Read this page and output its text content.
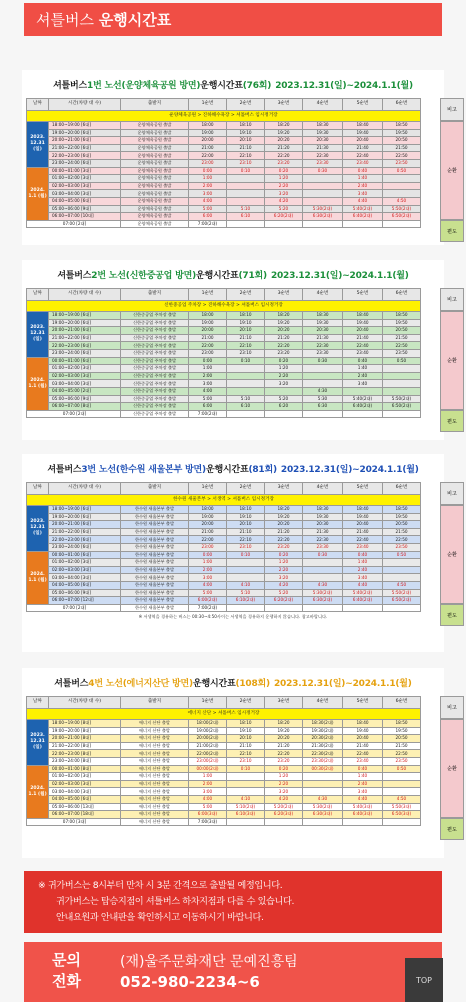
셔틀버스 운행시간표
셔틀버스 1번 노선(운양체육공원 방면) 운행시간표 (76회) 2023.12.31(일)~2024.1.1(월)
날짜	시간(차량 대 수)	출발지	1순번	2순번	3순번	4순번	5순번	6순번
운양체육공원 > 진하해수욕장 > 셔틀버스 임시정거장								
2023. 12.31 (일)	18:00~19:00 [6대]	운양체육공원 출발	18:00	18:10	18:20	18:30	18:40	18:50
	19:00~20:00 [6대]	운양체육공원 출발	19:00	19:10	19:20	19:30	19:40	19:50
	20:00~21:00 [6대]	운양체육공원 출발	20:00	20:10	20:20	20:30	20:40	20:50
	21:00~22:00 [6대]	운양체육공원 출발	21:00	21:10	21:20	21:30	21:40	21:50
	22:00~23:00 [6대]	운양체육공원 출발	22:00	22:10	22:20	22:30	22:40	22:50
	23:00~24:00 [6대]	운양체육공원 출발	23:00	23:10	23:20	23:30	23:40	23:50
2024. 1.1 (월)	00:00~01:00 [3대]	운양체육공원 출발	0:00	0:10	0:20	0:30	0:40	0:50
	01:00~02:00 [3대]	운양체육공원 출발	1:00		1:20		1:40	
	02:00~03:00 [3대]	운양체육공원 출발	2:00		2:20		2:40	
	03:00~04:00 [3대]	운양체육공원 출발	3:00		3:20		3:40	
	04:00~05:00 [6대]	운양체육공원 출발	4:00		4:20		4:40	4:50
	05:00~06:00 [9대]	운양체육공원 출발	5:00	5:10	5:20	5:30(2대)	5:40(2대)	5:50(2대)
	06:00~07:00 [10대]	운양체육공원 출발	6:00	6:10	6:20(2대)	6:30(2대)	6:40(2대)	6:50(2대)
07:00 [2대]		운양체육공원 출발	7:00(2대)					
비고
순환
편도
셔틀버스 2번 노선(신한중공업 방면) 운행시간표 (71회) 2023.12.31(일)~2024.1.1(월)
날짜	시간(차량 대 수)	출발지	1순번	2순번	3순번	4순번	5순번	6순번
신한중공업 주차장 > 진하해수욕장 > 셔틀버스 임시정거장								
2023. 12.31 (일)	18:00~19:00 [6대]	신한중공업 주차장 출발	18:00	18:10	18:20	18:30	18:40	18:50
	19:00~20:00 [6대]	신한중공업 주차장 출발	19:00	19:10	19:20	19:30	19:40	19:50
	20:00~21:00 [6대]	신한중공업 주차장 출발	20:00	20:10	20:20	20:30	20:40	20:50
	21:00~22:00 [6대]	신한중공업 주차장 출발	21:00	21:10	21:20	21:30	21:40	21:50
	22:00~23:00 [6대]	신한중공업 주차장 출발	22:00	22:10	22:20	22:30	22:40	22:50
	23:00~24:00 [6대]	신한중공업 주차장 출발	23:00	23:10	23:20	23:30	23:40	23:50
2024. 1.1 (월)	00:00~01:00 [6대]	신한중공업 주차장 출발	0:00	0:10	0:20	0:30	0:40	0:50
	01:00~02:00 [3대]	신한중공업 주차장 출발	1:00		1:20		1:40	
	02:00~03:00 [3대]	신한중공업 주차장 출발	2:00		2:20		2:40	
	03:00~04:00 [3대]	신한중공업 주차장 출발	3:00		3:20		3:40	
	04:00~05:00 [2대]	신한중공업 주차장 출발	4:00			4:30		
	05:00~06:00 [9대]	신한중공업 주차장 출발	5:00	5:10	5:20	5:30	5:40(2대)	5:50(2대)
	06:00~07:00 [8대]	신한중공업 주차장 출발	6:00	6:10	6:20	6:30	6:40(2대)	6:50(2대)
07:00 [2대]		신한중공업 주차장 출발	7:00(2대)					
비고
순환
편도
셔틀버스 3번 노선(한수원 새울본부 방면) 운행시간표 (81회) 2023.12.31(일)~2024.1.1(월)
날짜	시간(차량 대 수)	출발지	1순번	2순번	3순번	4순번	5순번	6순번
한수원 새울본부 > 서생역 > 셔틀버스 임시정거장								
2023. 12.31 (일)	18:00~19:00 [6대]	한수원 새울본부 출발	18:00	18:10	18:20	18:30	18:40	18:50
	19:00~20:00 [6대]	한수원 새울본부 출발	19:00	19:10	19:20	19:30	19:40	19:50
	20:00~21:00 [6대]	한수원 새울본부 출발	20:00	20:10	20:20	20:30	20:40	20:50
	21:00~22:00 [6대]	한수원 새울본부 출발	21:00	21:10	21:20	21:30	21:40	21:50
	22:00~23:00 [6대]	한수원 새울본부 출발	22:00	22:10	22:20	22:30	22:40	22:50
	23:00~24:00 [6대]	한수원 새울본부 출발	23:00	23:10	23:20	23:30	23:40	23:50
2024. 1.1 (월)	00:00~01:00 [6대]	한수원 새울본부 출발	0:00	0:10	0:20	0:30	0:40	0:50
	01:00~02:00 [3대]	한수원 새울본부 출발	1:00		1:20		1:40	
	02:00~03:00 [3대]	한수원 새울본부 출발	2:00		2:20		2:40	
	03:00~04:00 [3대]	한수원 새울본부 출발	3:00		3:20		3:40	
	04:00~05:00 [6대]	한수원 새울본부 출발	4:00	4:10	4:20	4:30	4:40	4:50
	05:00~06:00 [9대]	한수원 새울본부 출발	5:00	5:10	5:20	5:30(2대)	5:40(2대)	5:50(2대)
	06:00~07:00 [12대]	한수원 새울본부 출발	6:00(2대)	6:10(2대)	6:20(2대)	6:30(2대)	6:40(2대)	6:50(2대)
07:00 [2대]		한수원 새울본부 출발	7:00(2대)					
비고
순환
편도
※ 서생역을 경유하는 버스는 00:30~4:50사이는 서생역을 경유하지 운행하지 않습니다. 참고바랍니다.
셔틀버스 4번 노선(에너지산단 방면) 운행시간표 (108회) 2023.12.31(일)~2024.1.1(월)
날짜	시간(차량 대 수)	출발지	1순번	2순번	3순번	4순번	5순번	6순번
에너지 산단 > 셔틀버스 임시정거장								
2023. 12.31 (일)	18:00~19:00 [8대]	에너지 산단 출발	18:00(2대)	18:10	18:20	18:30(2대)	18:40	18:50
	19:00~20:00 [8대]	에너지 산단 출발	19:00(2대)	19:10	19:20	19:30(2대)	19:40	19:50
	20:00~21:00 [8대]	에너지 산단 출발	20:00(2대)	20:10	20:20	20:30(2대)	20:40	20:50
	21:00~22:00 [8대]	에너지 산단 출발	21:00(2대)	21:10	21:20	21:30(2대)	21:40	21:50
	22:00~23:00 [8대]	에너지 산단 출발	22:00(2대)	22:10	22:20	22:30(2대)	22:40	22:50
	23:00~24:00 [8대]	에너지 산단 출발	23:00(2대)	23:10	23:20	23:30(2대)	23:40	23:50
2024. 1.1 (월)	00:00~01:00 [8대]	에너지 산단 출발	00:00(2대)	0:10	0:20	00:30(2대)	0:40	0:50
	01:00~02:00 [3대]	에너지 산단 출발	1:00		1:20		1:40	
	02:00~03:00 [3대]	에너지 산단 출발	2:00		2:20		2:40	
	03:00~04:00 [3대]	에너지 산단 출발	3:00		3:20		3:40	
	04:00~05:00 [6대]	에너지 산단 출발	4:00	4:10	4:20	4:30	4:40	4:50
	05:00~06:00 [13대]	에너지 산단 출발	5:00	5:10(2대)	5:20(2대)	5:30(2대)	5:40(3대)	5:50(3대)
	06:00~07:00 [18대]	에너지 산단 출발	6:00(3대)	6:10(3대)	6:20(3대)	6:30(3대)	6:40(3대)	6:50(3대)
07:00 [3대]		에너지 산단 출발	7:00(3대)					
비고
순환
편도
※ 귀가버스는 8시부터 만차 시 3분 간격으로 출발될 예정입니다.
귀가버스는 탑승지점이 셔틀버스 하차지점과 다를 수 있습니다.
안내요원과 안내판을 확인하시고 이동하시기 바랍니다.
문의
전화
(재)울주문화재단 문예진흥팀
052-980-2234~6	TOP
